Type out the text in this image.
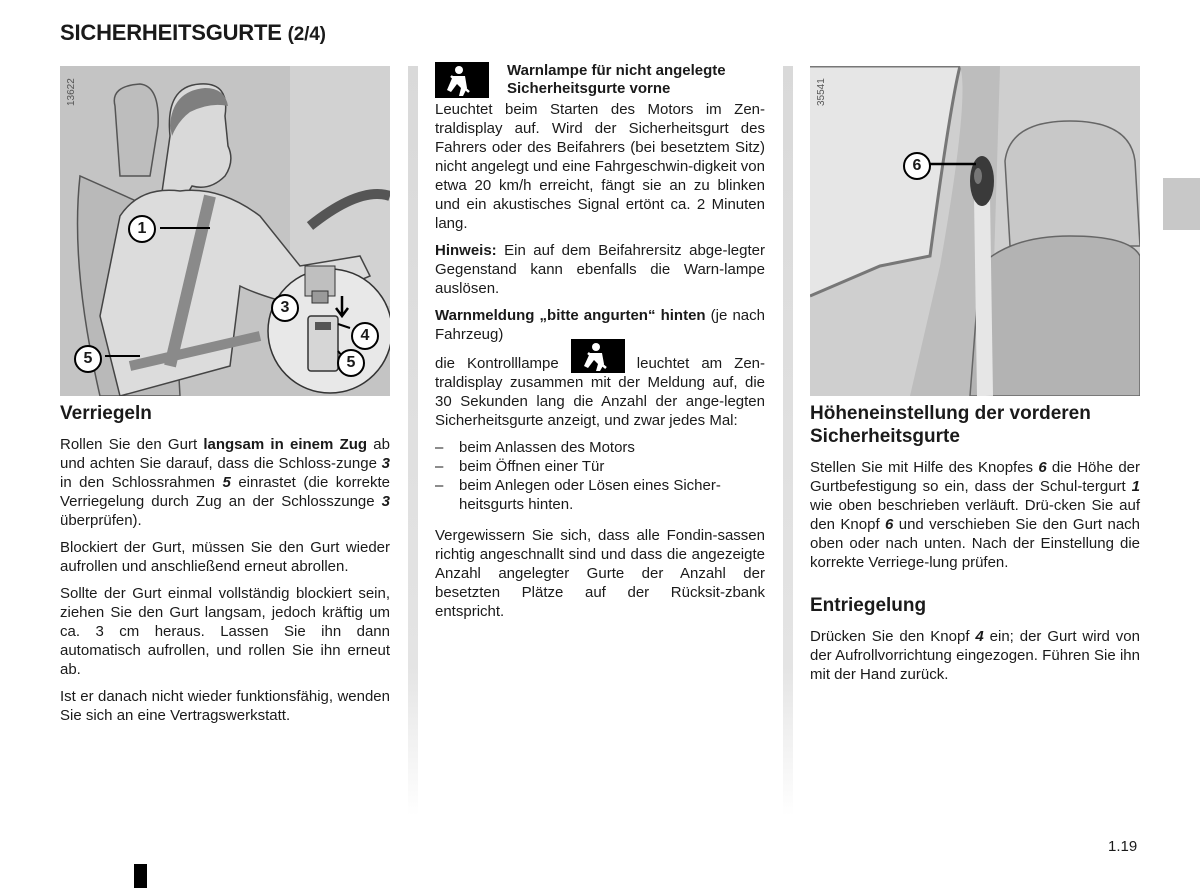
SICHERHEITSGURTE (2/4)
13622
1
3
4
5	5
35541
6
Verriegeln

Rollen Sie den Gurt langsam in einem Zug ab und achten Sie darauf, dass die Schloss-zunge 3 in den Schlossrahmen 5 einrastet (die korrekte Verriegelung durch Zug an der Schlosszunge 3 überprüfen).

Blockiert der Gurt, müssen Sie den Gurt wieder aufrollen und anschließend erneut abrollen.

Sollte der Gurt einmal vollständig blockiert sein, ziehen Sie den Gurt langsam, jedoch kräftig um ca. 3 cm heraus. Lassen Sie ihn dann automatisch aufrollen, und rollen Sie ihn erneut ab.

Ist er danach nicht wieder funktionsfähig, wenden Sie sich an eine Vertragswerkstatt.

Warnlampe für nicht angelegte Sicherheitsgurte vorne

Leuchtet beim Starten des Motors im Zen-traldisplay auf. Wird der Sicherheitsgurt des Fahrers oder des Beifahrers (bei besetztem Sitz) nicht angelegt und eine Fahrgeschwin-digkeit von etwa 20 km/h erreicht, fängt sie an zu blinken und ein akustisches Signal ertönt ca. 2 Minuten lang.

Hinweis: Ein auf dem Beifahrersitz abge-legter Gegenstand kann ebenfalls die Warn-lampe auslösen.

Warnmeldung „bitte angurten“ hinten (je nach Fahrzeug)

die Kontrolllampe	leuchtet am Zen-traldisplay zusammen mit der Meldung auf, die 30 Sekunden lang die Anzahl der ange-legten Sicherheitsgurte anzeigt, und zwar jedes Mal:

– beim Anlassen des Motors
– beim Öffnen einer Tür
– beim Anlegen oder Lösen eines Sicher-heitsgurts hinten.

Vergewissern Sie sich, dass alle Fondin-sassen richtig angeschnallt sind und dass die angezeigte Anzahl angelegter Gurte der Anzahl der besetzten Plätze auf der Rücksit-zbank entspricht.

Höheneinstellung der vorderen Sicherheitsgurte

Stellen Sie mit Hilfe des Knopfes 6 die Höhe der Gurtbefestigung so ein, dass der Schul-tergurt 1 wie oben beschrieben verläuft. Drü-cken Sie auf den Knopf 6 und verschieben Sie den Gurt nach oben oder nach unten. Nach der Einstellung die korrekte Verriege-lung prüfen.

Entriegelung

Drücken Sie den Knopf 4 ein; der Gurt wird von der Aufrollvorrichtung eingezogen. Führen Sie ihn mit der Hand zurück.

1.19
